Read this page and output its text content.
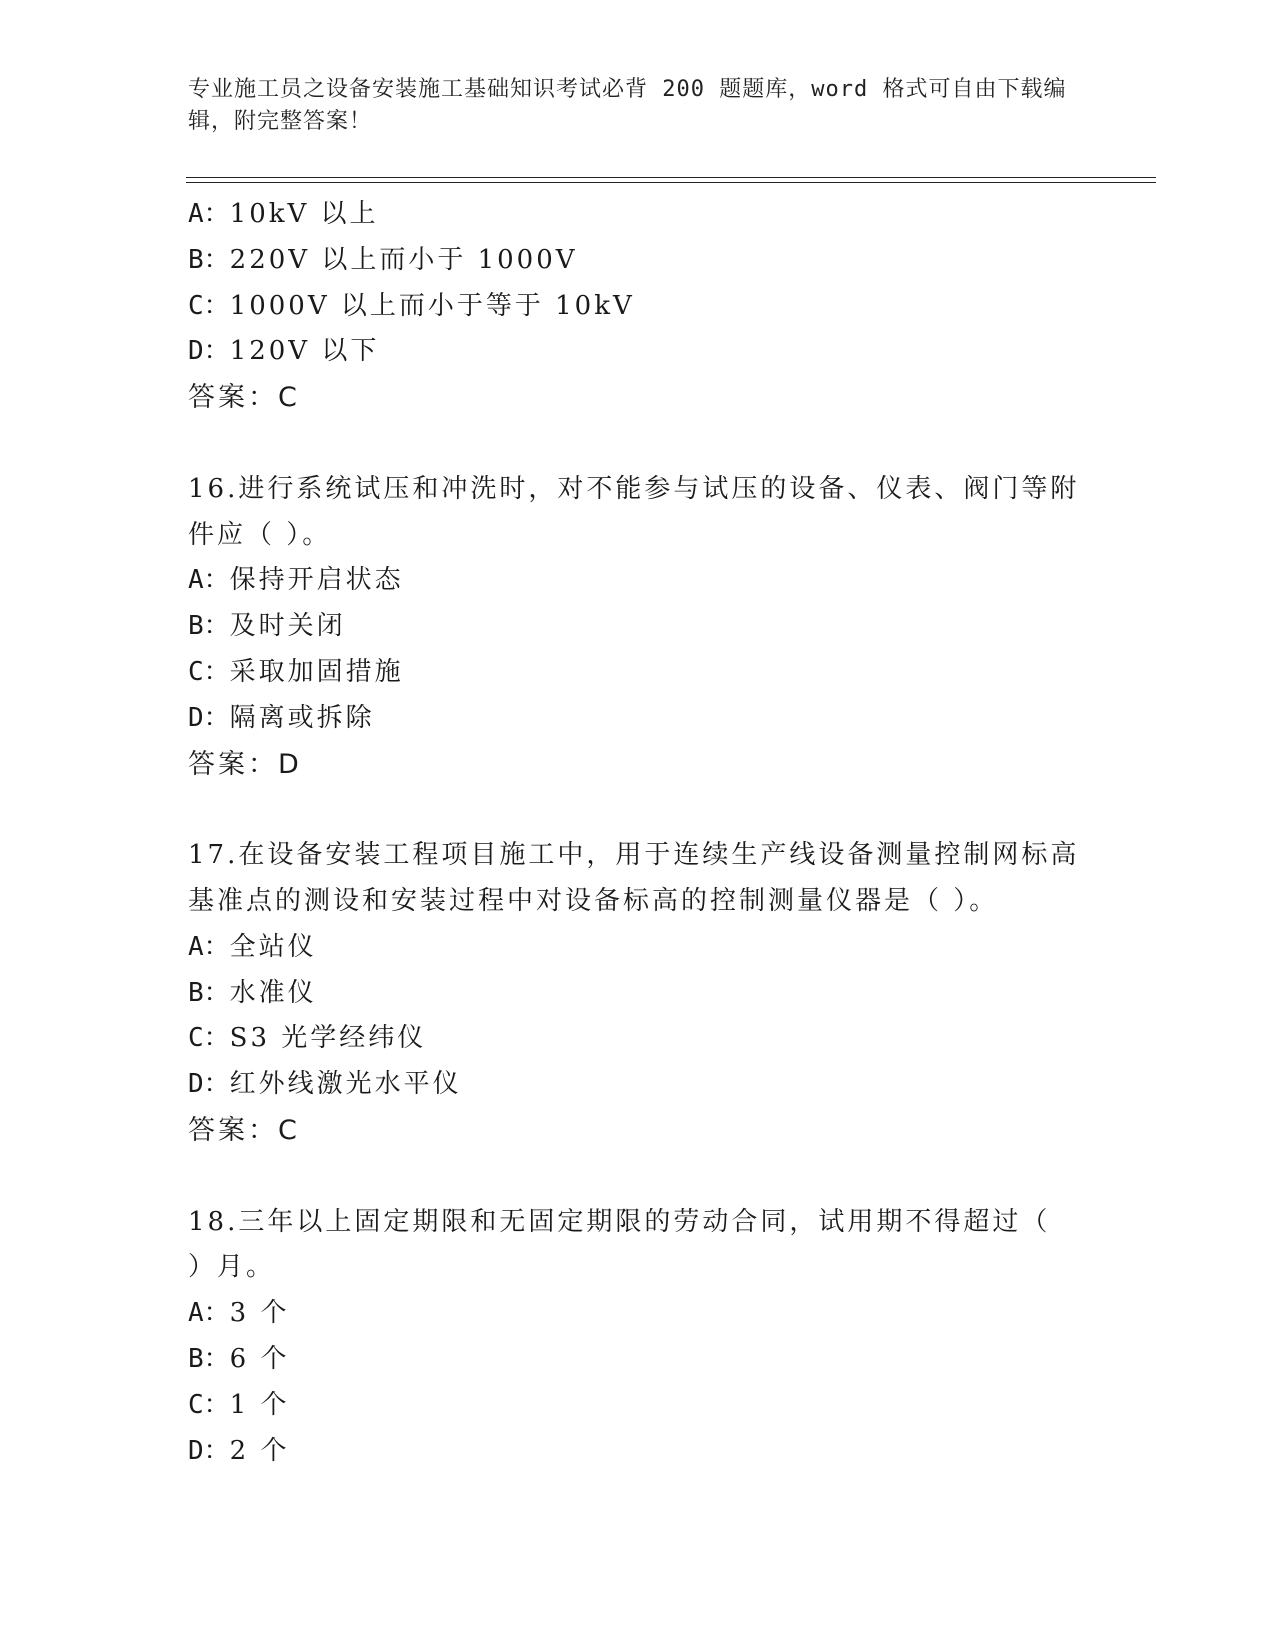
专业施工员之设备安装施工基础知识考试必背 200 题题库，word 格式可自由下载编辑，附完整答案！
A：10kV 以上
B：220V 以上而小于 1000V
C：1000V 以上而小于等于 10kV
D：120V 以下
答案：C
16.进行系统试压和冲洗时，对不能参与试压的设备、仪表、阀门等附
件应（ ）。
A：保持开启状态
B：及时关闭
C：采取加固措施
D：隔离或拆除
答案：D
17.在设备安装工程项目施工中，用于连续生产线设备测量控制网标高
基准点的测设和安装过程中对设备标高的控制测量仪器是（ ）。
A：全站仪
B：水准仪
C：S3 光学经纬仪
D：红外线激光水平仪
答案：C
18.三年以上固定期限和无固定期限的劳动合同，试用期不得超过（
）月。
A：3 个
B：6 个
C：1 个
D：2 个
